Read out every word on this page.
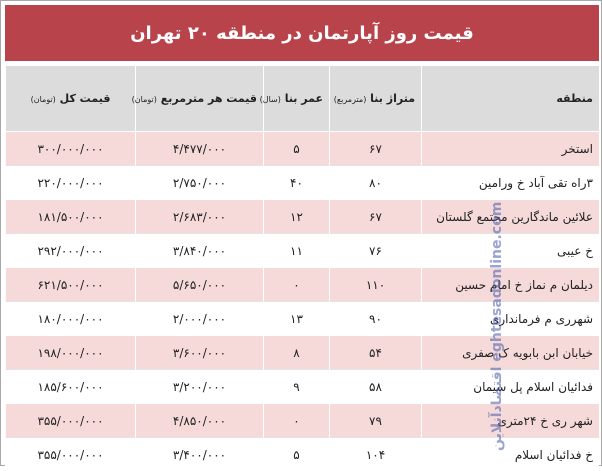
قیمت روز آپارتمان در منطقه ۲۰ تهران
منطقه	متراژ بنا (مترمربع)	عمر بنا (سال)	قیمت هر مترمربع (تومان)	قیمت کل (تومان)
استخر	۶۷	۵	۴/۴۷۷/۰۰۰	۳۰۰/۰۰۰/۰۰۰
۳راه تقی آباد خ ورامین	۸۰	۴۰	۲/۷۵۰/۰۰۰	۲۲۰/۰۰۰/۰۰۰
علائین ماندگارین مجتمع گلستان	۶۷	۱۲	۲/۶۸۳/۰۰۰	۱۸۱/۵۰۰/۰۰۰
خ عیبی	۷۶	۱۱	۳/۸۴۰/۰۰۰	۲۹۲/۰۰۰/۰۰۰
دیلمان م نماز خ امام حسین	۱۱۰	۰	۵/۶۵۰/۰۰۰	۶۲۱/۵۰۰/۰۰۰
شهرری م فرمانداری	۹۰	۱۳	۲/۰۰۰/۰۰۰	۱۸۰/۰۰۰/۰۰۰
خیابان ابن بابویه ک صفری	۵۴	۸	۳/۶۰۰/۰۰۰	۱۹۸/۰۰۰/۰۰۰
فدائیان اسلام پل سیمان	۵۸	۹	۳/۲۰۰/۰۰۰	۱۸۵/۶۰۰/۰۰۰
شهر ری خ ۲۴متری	۷۹	۰	۴/۸۵۰/۰۰۰	۳۵۵/۰۰۰/۰۰۰
خ فدائیان اسلام	۱۰۴	۵	۳/۴۰۰/۰۰۰	۳۵۵/۰۰۰/۰۰۰
اقتصادآنلاین eghtesadonline.com
